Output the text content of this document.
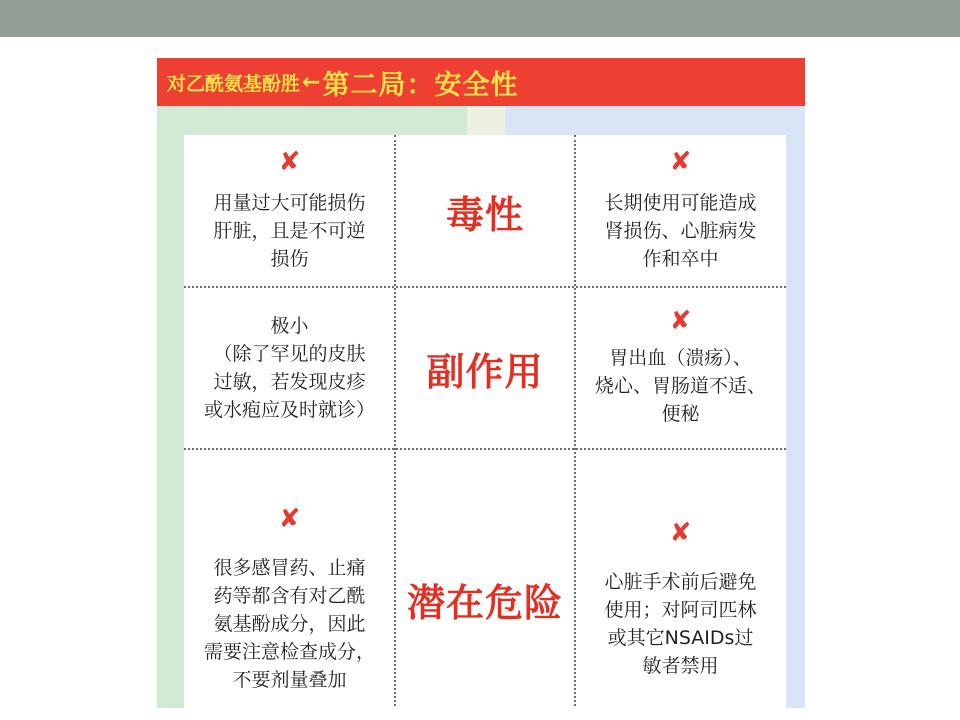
对乙酰氨基酚胜 ← 第二局：安全性
✘
用量过大可能损伤
肝脏，且是不可逆
损伤
毒性
✘
长期使用可能造成
肾损伤、心脏病发
作和卒中
极小
（除了罕见的皮肤
过敏，若发现皮疹
或水疱应及时就诊）
副作用
✘
胃出血（溃疡）、
烧心、胃肠道不适、
便秘
✘
很多感冒药、止痛
药等都含有对乙酰
氨基酚成分，因此
需要注意检查成分，
不要剂量叠加
潜在危险
✘
心脏手术前后避免
使用；对阿司匹林
或其它NSAIDs过
敏者禁用
